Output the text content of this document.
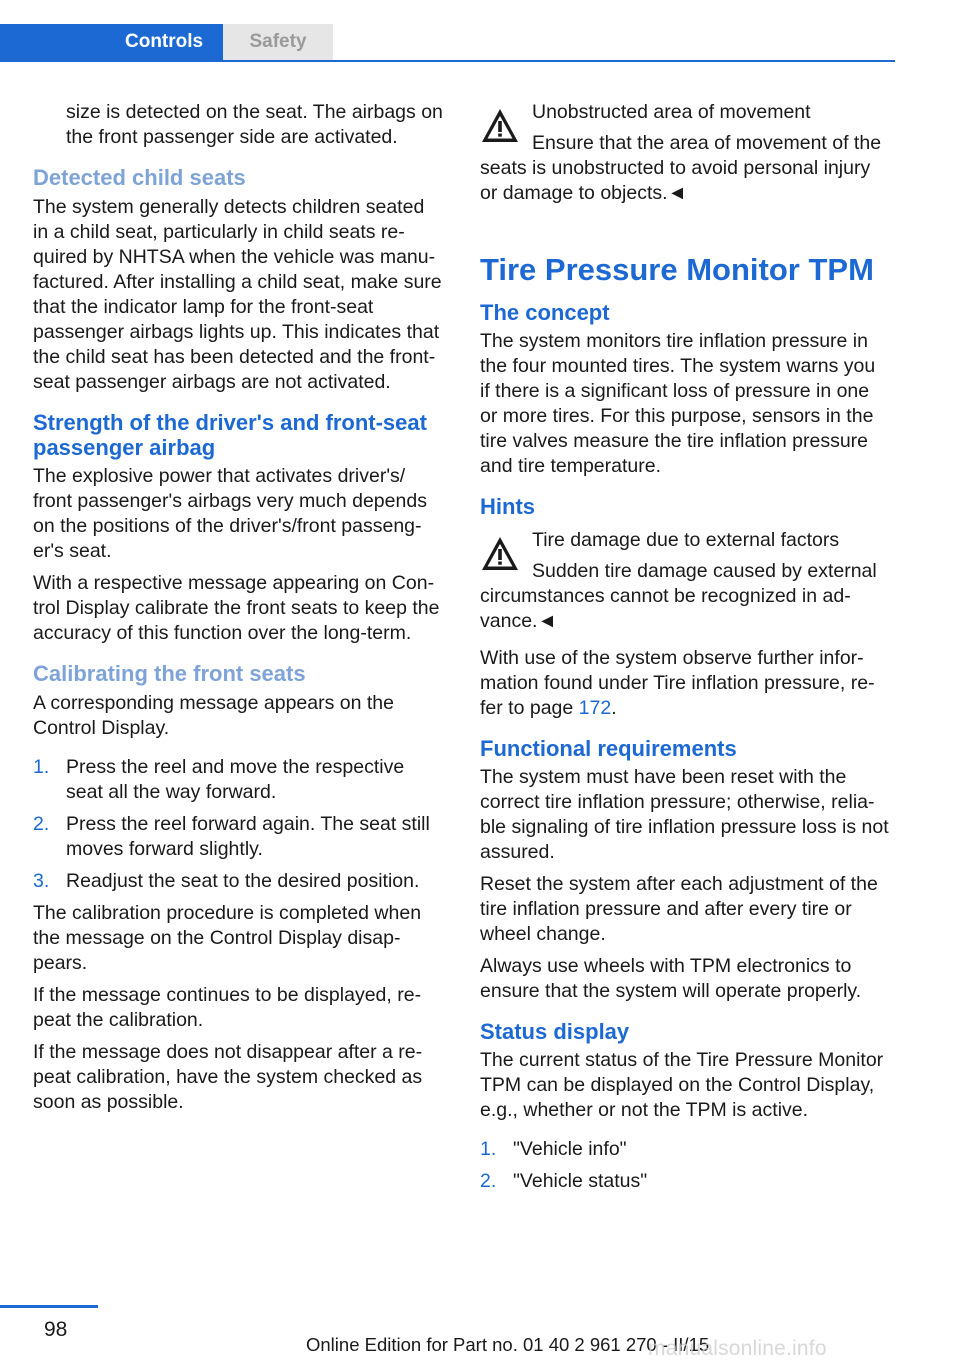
Controls	Safety

size is detected on the seat. The airbags on the front passenger side are activated.

Detected child seats

The system generally detects children seated in a child seat, particularly in child seats required by NHTSA when the vehicle was manufactured. After installing a child seat, make sure that the indicator lamp for the front-seat passenger airbags lights up. This indicates that the child seat has been detected and the front-seat passenger airbags are not activated.

Strength of the driver's and front-seat passenger airbag

The explosive power that activates driver's/ front passenger's airbags very much depends on the positions of the driver's/front passenger's seat.

With a respective message appearing on Control Display calibrate the front seats to keep the accuracy of this function over the long-term.

Calibrating the front seats

A corresponding message appears on the Control Display.

1. Press the reel and move the respective seat all the way forward.
2. Press the reel forward again. The seat still moves forward slightly.
3. Readjust the seat to the desired position.

The calibration procedure is completed when the message on the Control Display disappears.

If the message continues to be displayed, repeat the calibration.

If the message does not disappear after a repeat calibration, have the system checked as soon as possible.

Unobstructed area of movement
Ensure that the area of movement of the seats is unobstructed to avoid personal injury or damage to objects.◄
Tire Pressure Monitor TPM
The concept

The system monitors tire inflation pressure in the four mounted tires. The system warns you if there is a significant loss of pressure in one or more tires. For this purpose, sensors in the tire valves measure the tire inflation pressure and tire temperature.

Hints
Tire damage due to external factors
Sudden tire damage caused by external circumstances cannot be recognized in advance.◄

With use of the system observe further information found under Tire inflation pressure, refer to page 172.

Functional requirements

The system must have been reset with the correct tire inflation pressure; otherwise, reliable signaling of tire inflation pressure loss is not assured.

Reset the system after each adjustment of the tire inflation pressure and after every tire or wheel change.

Always use wheels with TPM electronics to ensure that the system will operate properly.

Status display

The current status of the Tire Pressure Monitor TPM can be displayed on the Control Display, e.g., whether or not the TPM is active.

1. "Vehicle info"
2. "Vehicle status"
98
Online Edition for Part no. 01 40 2 961 270 - II/15
manualsonline.info
